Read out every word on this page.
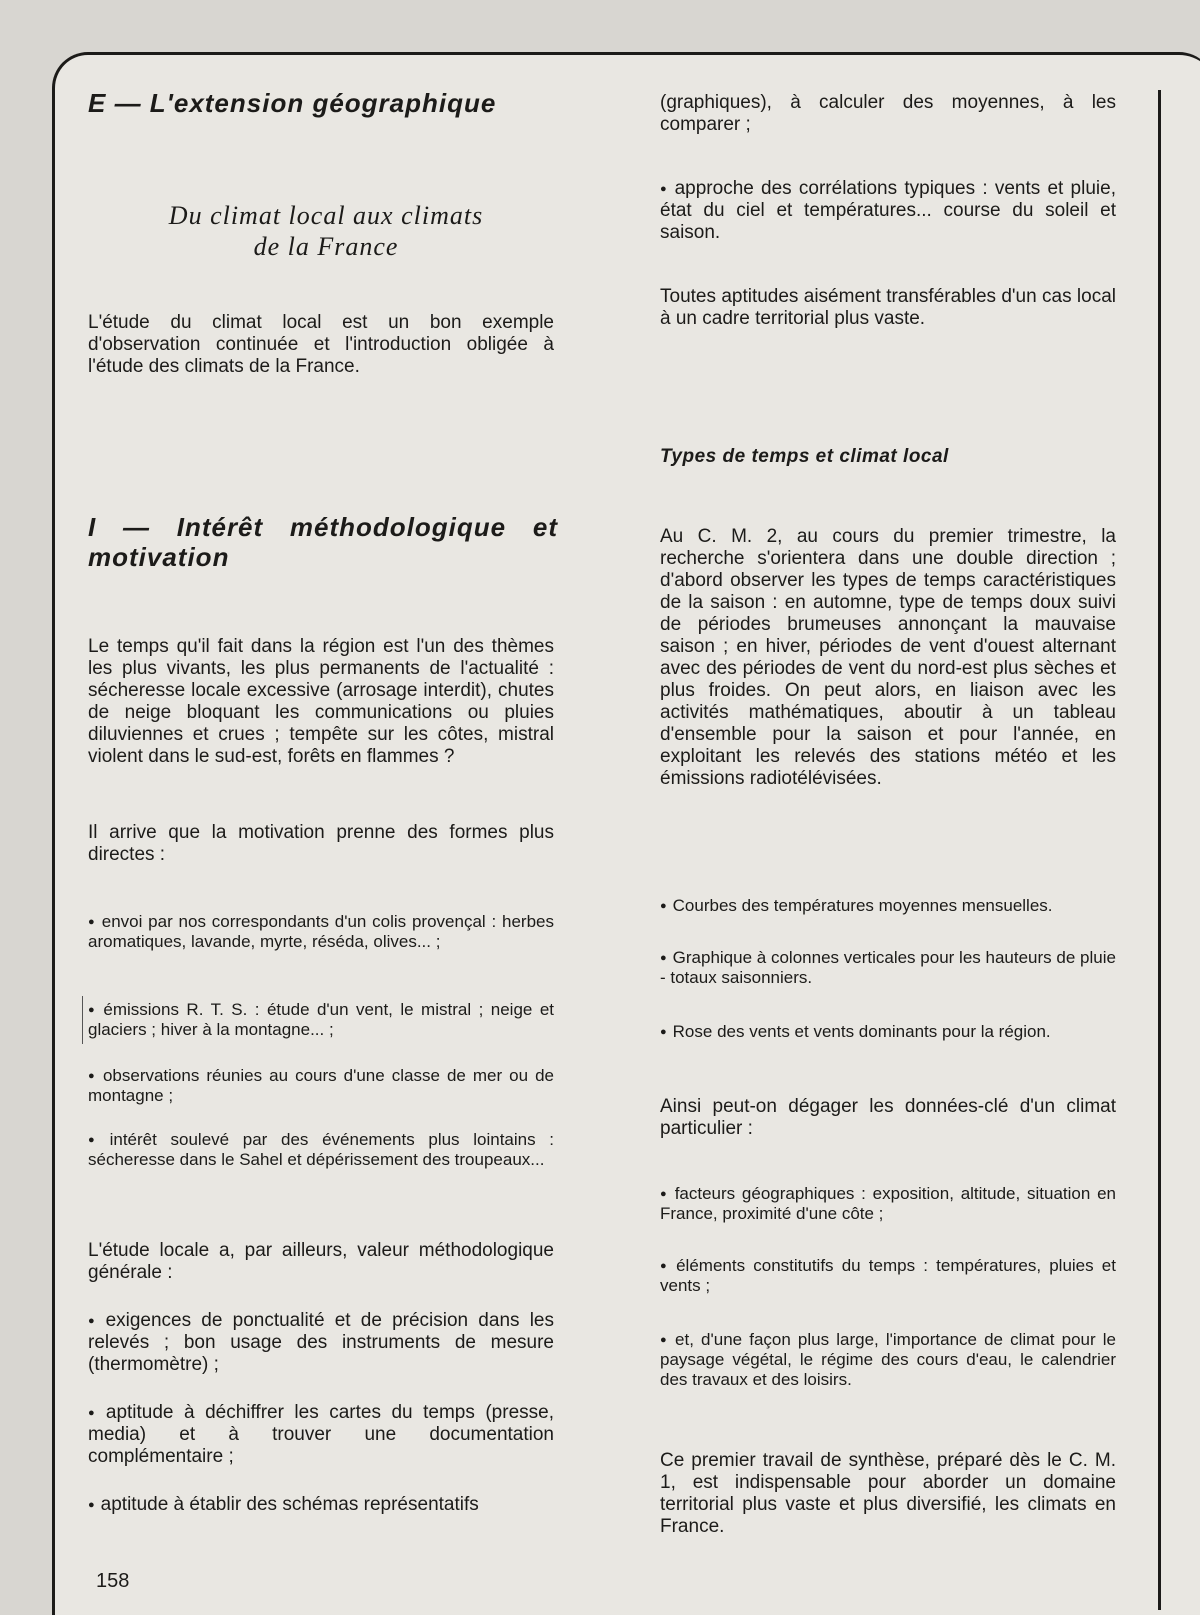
E — L'extension géographique
Du climat local aux climats
de la France

L'étude du climat local est un bon exemple d'observation continuée et l'introduction obligée à l'étude des climats de la France.

I — Intérêt méthodologique et motivation

Le temps qu'il fait dans la région est l'un des thèmes les plus vivants, les plus permanents de l'actualité : sécheresse locale excessive (arrosage interdit), chutes de neige bloquant les communications ou pluies diluviennes et crues ; tempête sur les côtes, mistral violent dans le sud-est, forêts en flammes ?

Il arrive que la motivation prenne des formes plus directes :

● envoi par nos correspondants d'un colis provençal : herbes aromatiques, lavande, myrte, réséda, olives... ;

● émissions R. T. S. : étude d'un vent, le mistral ; neige et glaciers ; hiver à la montagne... ;

● observations réunies au cours d'une classe de mer ou de montagne ;

● intérêt soulevé par des événements plus lointains : sécheresse dans le Sahel et dépérissement des troupeaux...

L'étude locale a, par ailleurs, valeur méthodologique générale :

● exigences de ponctualité et de précision dans les relevés ; bon usage des instruments de mesure (thermomètre) ;

● aptitude à déchiffrer les cartes du temps (presse, media) et à trouver une documentation complémentaire ;

● aptitude à établir des schémas représentatifs

(graphiques), à calculer des moyennes, à les comparer ;

● approche des corrélations typiques : vents et pluie, état du ciel et températures... course du soleil et saison.

Toutes aptitudes aisément transférables d'un cas local à un cadre territorial plus vaste.

Types de temps et climat local

Au C. M. 2, au cours du premier trimestre, la recherche s'orientera dans une double direction ; d'abord observer les types de temps caractéristiques de la saison : en automne, type de temps doux suivi de périodes brumeuses annonçant la mauvaise saison ; en hiver, périodes de vent d'ouest alternant avec des périodes de vent du nord-est plus sèches et plus froides. On peut alors, en liaison avec les activités mathématiques, aboutir à un tableau d'ensemble pour la saison et pour l'année, en exploitant les relevés des stations météo et les émissions radiotélévisées.

● Courbes des températures moyennes mensuelles.

● Graphique à colonnes verticales pour les hauteurs de pluie - totaux saisonniers.

● Rose des vents et vents dominants pour la région.

Ainsi peut-on dégager les données-clé d'un climat particulier :

● facteurs géographiques : exposition, altitude, situation en France, proximité d'une côte ;

● éléments constitutifs du temps : températures, pluies et vents ;

● et, d'une façon plus large, l'importance de climat pour le paysage végétal, le régime des cours d'eau, le calendrier des travaux et des loisirs.

Ce premier travail de synthèse, préparé dès le C. M. 1, est indispensable pour aborder un domaine territorial plus vaste et plus diversifié, les climats en France.

158
